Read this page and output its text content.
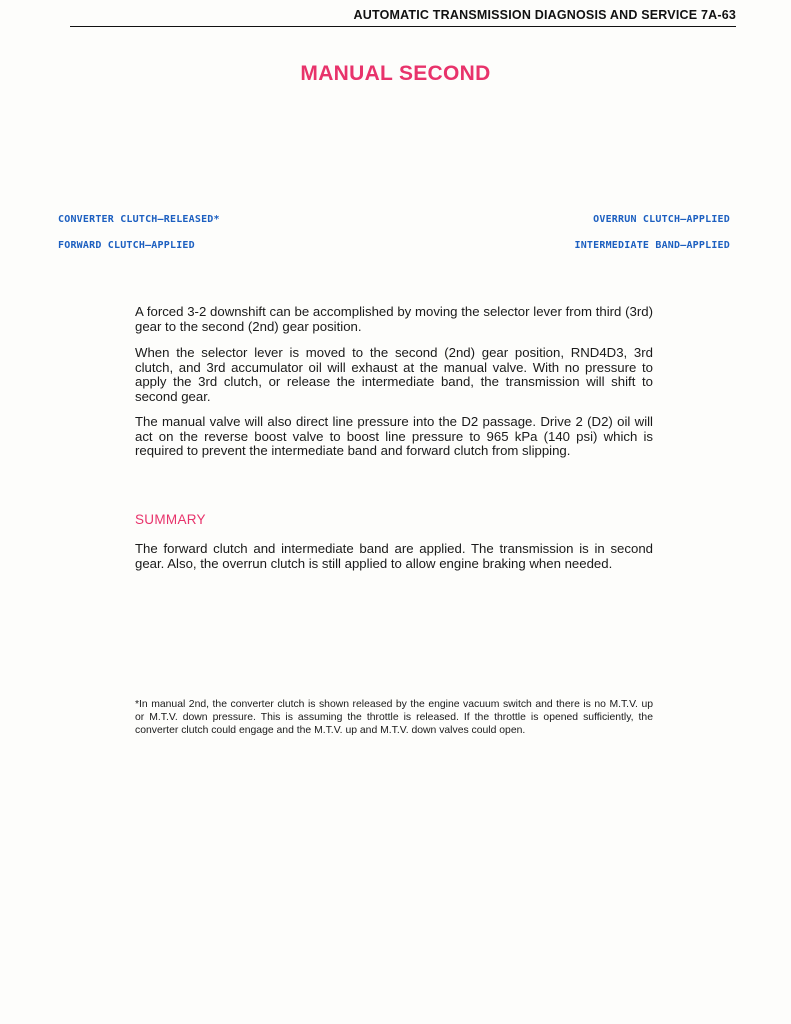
AUTOMATIC TRANSMISSION DIAGNOSIS AND SERVICE 7A-63
MANUAL SECOND
CONVERTER CLUTCH–RELEASED*
FORWARD CLUTCH–APPLIED
OVERRUN CLUTCH–APPLIED
INTERMEDIATE BAND–APPLIED
A forced 3-2 downshift can be accomplished by moving the selector lever from third (3rd) gear to the second (2nd) gear position.
When the selector lever is moved to the second (2nd) gear position, RND4D3, 3rd clutch, and 3rd accumulator oil will exhaust at the manual valve. With no pressure to apply the 3rd clutch, or release the intermediate band, the transmission will shift to second gear.
The manual valve will also direct line pressure into the D2 passage. Drive 2 (D2) oil will act on the reverse boost valve to boost line pressure to 965 kPa (140 psi) which is required to prevent the intermediate band and forward clutch from slipping.
SUMMARY
The forward clutch and intermediate band are applied. The transmission is in second gear. Also, the overrun clutch is still applied to allow engine braking when needed.
*In manual 2nd, the converter clutch is shown released by the engine vacuum switch and there is no M.T.V. up or M.T.V. down pressure. This is assuming the throttle is released. If the throttle is opened sufficiently, the converter clutch could engage and the M.T.V. up and M.T.V. down valves could open.
